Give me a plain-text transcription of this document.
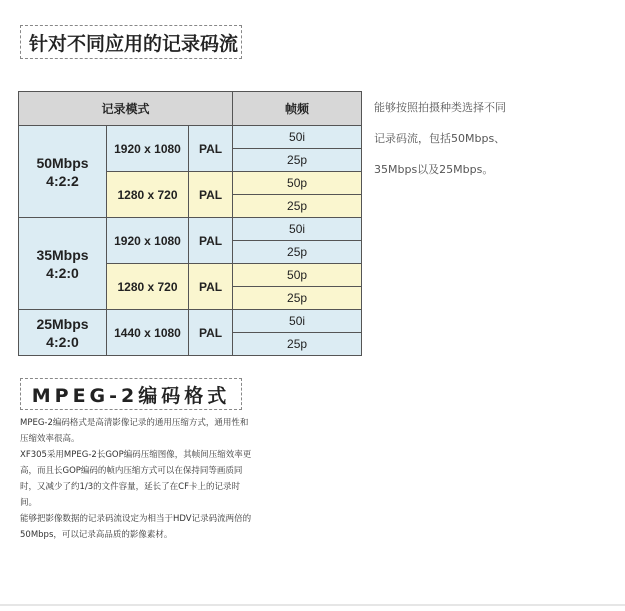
针对不同应用的记录码流
记录模式			帧频

50Mbps
4:2:2	1920 x 1080	PAL	50i
			25p
	1280 x 720	PAL	50p
			25p

35Mbps
4:2:0	1920 x 1080	PAL	50i
			25p
	1280 x 720	PAL	50p
			25p

25Mbps
4:2:0	1440 x 1080	PAL	50i
			25p

能够按照拍摄种类选择不同

记录码流，包括50Mbps、

35Mbps以及25Mbps。

MPEG-2编码格式

MPEG-2编码格式是高清影像记录的通用压缩方式，通用性和压缩效率很高。

XF305采用MPEG-2长GOP编码压缩图像，其帧间压缩效率更高，而且长GOP编码的帧内压缩方式可以在保持同等画质同时，又减少了约1/3的文件容量，延长了在CF卡上的记录时间。

能够把影像数据的记录码流设定为相当于HDV记录码流两倍的50Mbps，可以记录高品质的影像素材。
